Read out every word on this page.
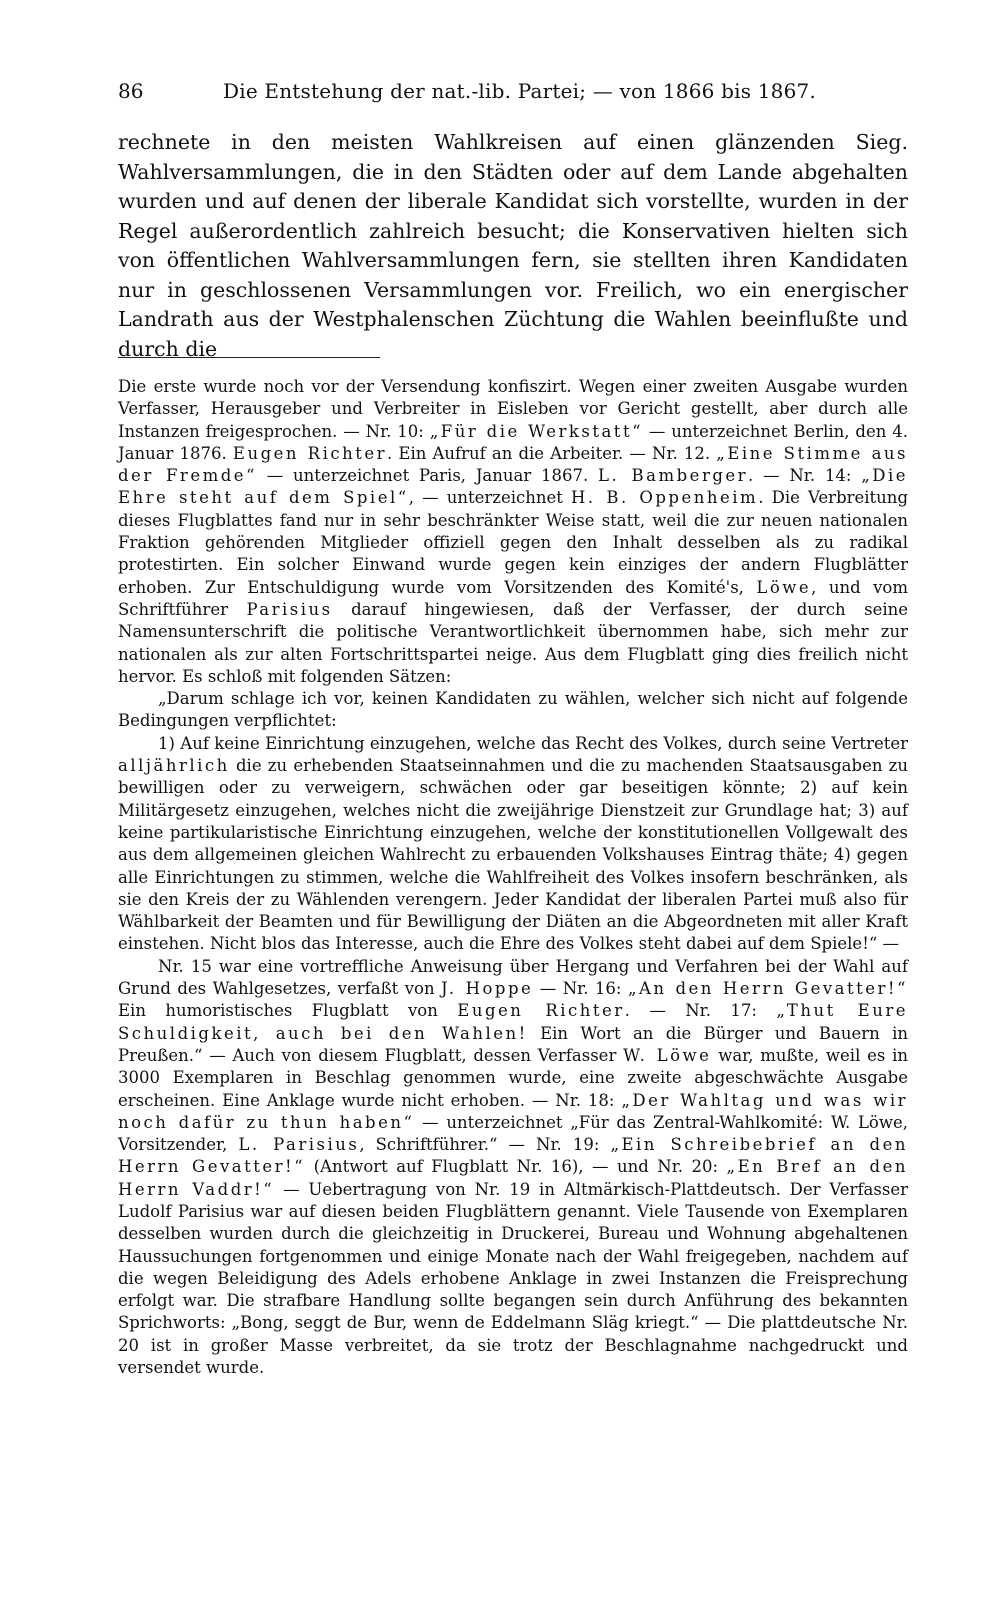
86	Die Entstehung der nat.-lib. Partei; — von 1866 bis 1867.

rechnete in den meisten Wahlkreisen auf einen glänzenden Sieg. Wahlversammlungen, die in den Städten oder auf dem Lande abgehalten wurden und auf denen der liberale Kandidat sich vorstellte, wurden in der Regel außerordentlich zahlreich besucht; die Konservativen hielten sich von öffentlichen Wahlversammlungen fern, sie stellten ihren Kandidaten nur in geschlossenen Versammlungen vor. Freilich, wo ein energischer Landrath aus der Westphalenschen Züchtung die Wahlen beeinflußte und durch die

Die erste wurde noch vor der Versendung konfiszirt. Wegen einer zweiten Ausgabe wurden Verfasser, Herausgeber und Verbreiter in Eisleben vor Gericht gestellt, aber durch alle Instanzen freigesprochen. — Nr. 10: „Für die Werkstatt“ — unterzeichnet Berlin, den 4. Januar 1876. Eugen Richter. Ein Aufruf an die Arbeiter. — Nr. 12. „Eine Stimme aus der Fremde“ — unterzeichnet Paris, Januar 1867. L. Bamberger. — Nr. 14: „Die Ehre steht auf dem Spiel“, — unterzeichnet H. B. Oppenheim. Die Verbreitung dieses Flugblattes fand nur in sehr beschränkter Weise statt, weil die zur neuen nationalen Fraktion gehörenden Mitglieder offiziell gegen den Inhalt desselben als zu radikal protestirten. Ein solcher Einwand wurde gegen kein einziges der andern Flugblätter erhoben. Zur Entschuldigung wurde vom Vorsitzenden des Komité's, Löwe, und vom Schriftführer Parisius darauf hingewiesen, daß der Verfasser, der durch seine Namensunterschrift die politische Verantwortlichkeit übernommen habe, sich mehr zur nationalen als zur alten Fortschrittspartei neige. Aus dem Flugblatt ging dies freilich nicht hervor. Es schloß mit folgenden Sätzen:

„Darum schlage ich vor, keinen Kandidaten zu wählen, welcher sich nicht auf folgende Bedingungen verpflichtet:

1) Auf keine Einrichtung einzugehen, welche das Recht des Volkes, durch seine Vertreter alljährlich die zu erhebenden Staatseinnahmen und die zu machenden Staatsausgaben zu bewilligen oder zu verweigern, schwächen oder gar beseitigen könnte; 2) auf kein Militärgesetz einzugehen, welches nicht die zweijährige Dienstzeit zur Grundlage hat; 3) auf keine partikularistische Einrichtung einzugehen, welche der konstitutionellen Vollgewalt des aus dem allgemeinen gleichen Wahlrecht zu erbauenden Volkshauses Eintrag thäte; 4) gegen alle Einrichtungen zu stimmen, welche die Wahlfreiheit des Volkes insofern beschränken, als sie den Kreis der zu Wählenden verengern. Jeder Kandidat der liberalen Partei muß also für Wählbarkeit der Beamten und für Bewilligung der Diäten an die Abgeordneten mit aller Kraft einstehen. Nicht blos das Interesse, auch die Ehre des Volkes steht dabei auf dem Spiele!“ —

Nr. 15 war eine vortreffliche Anweisung über Hergang und Verfahren bei der Wahl auf Grund des Wahlgesetzes, verfaßt von J. Hoppe — Nr. 16: „An den Herrn Gevatter!“ Ein humoristisches Flugblatt von Eugen Richter. — Nr. 17: „Thut Eure Schuldigkeit, auch bei den Wahlen! Ein Wort an die Bürger und Bauern in Preußen.“ — Auch von diesem Flugblatt, dessen Verfasser W. Löwe war, mußte, weil es in 3000 Exemplaren in Beschlag genommen wurde, eine zweite abgeschwächte Ausgabe erscheinen. Eine Anklage wurde nicht erhoben. — Nr. 18: „Der Wahltag und was wir noch dafür zu thun haben“ — unterzeichnet „Für das Zentral-Wahlkomité: W. Löwe, Vorsitzender, L. Parisius, Schriftführer.“ — Nr. 19: „Ein Schreibebrief an den Herrn Gevatter!“ (Antwort auf Flugblatt Nr. 16), — und Nr. 20: „En Bref an den Herrn Vaddr!“ — Uebertragung von Nr. 19 in Altmärkisch-Plattdeutsch. Der Verfasser Ludolf Parisius war auf diesen beiden Flugblättern genannt. Viele Tausende von Exemplaren desselben wurden durch die gleichzeitig in Druckerei, Bureau und Wohnung abgehaltenen Haussuchungen fortgenommen und einige Monate nach der Wahl freigegeben, nachdem auf die wegen Beleidigung des Adels erhobene Anklage in zwei Instanzen die Freisprechung erfolgt war. Die strafbare Handlung sollte begangen sein durch Anführung des bekannten Sprichworts: „Bong, seggt de Bur, wenn de Eddelmann Släg kriegt.“ — Die plattdeutsche Nr. 20 ist in großer Masse verbreitet, da sie trotz der Beschlagnahme nachgedruckt und versendet wurde.
